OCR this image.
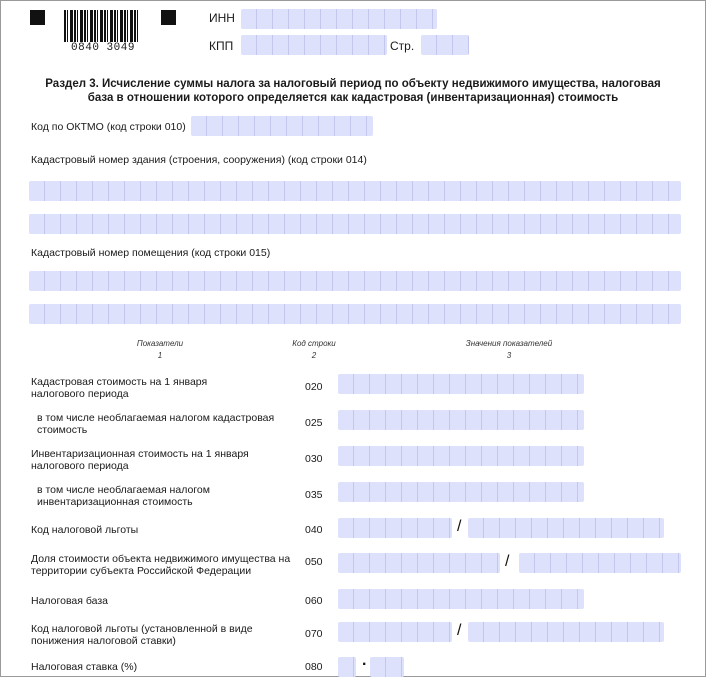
0840 3049
ИНН
КПП	Стр.
Раздел 3. Исчисление суммы налога за налоговый период по объекту недвижимого имущества, налоговая
база в отношении которого определяется как кадастровая (инвентаризационная) стоимость
Код по ОКТМО (код строки 010)
Кадастровый номер здания (строения, сооружения) (код строки 014)
Кадастровый номер помещения (код строки 015)
Показатели
1
Код строки
2
Значения показателей
3
Кадастровая стоимость на 1 января налогового периода
020
в том числе необлагаемая налогом кадастровая стоимость
025
Инвентаризационная стоимость на 1 января налогового периода
030
в том числе необлагаемая налогом инвентаризационная стоимость
035
Код налоговой льготы	040	/
Доля стоимости объекта недвижимого имущества на территории субъекта Российской Федерации
050	/
Налоговая база	060
Код налоговой льготы (установленной в виде понижения налоговой ставки)
070	/
Налоговая ставка (%)	080 .
